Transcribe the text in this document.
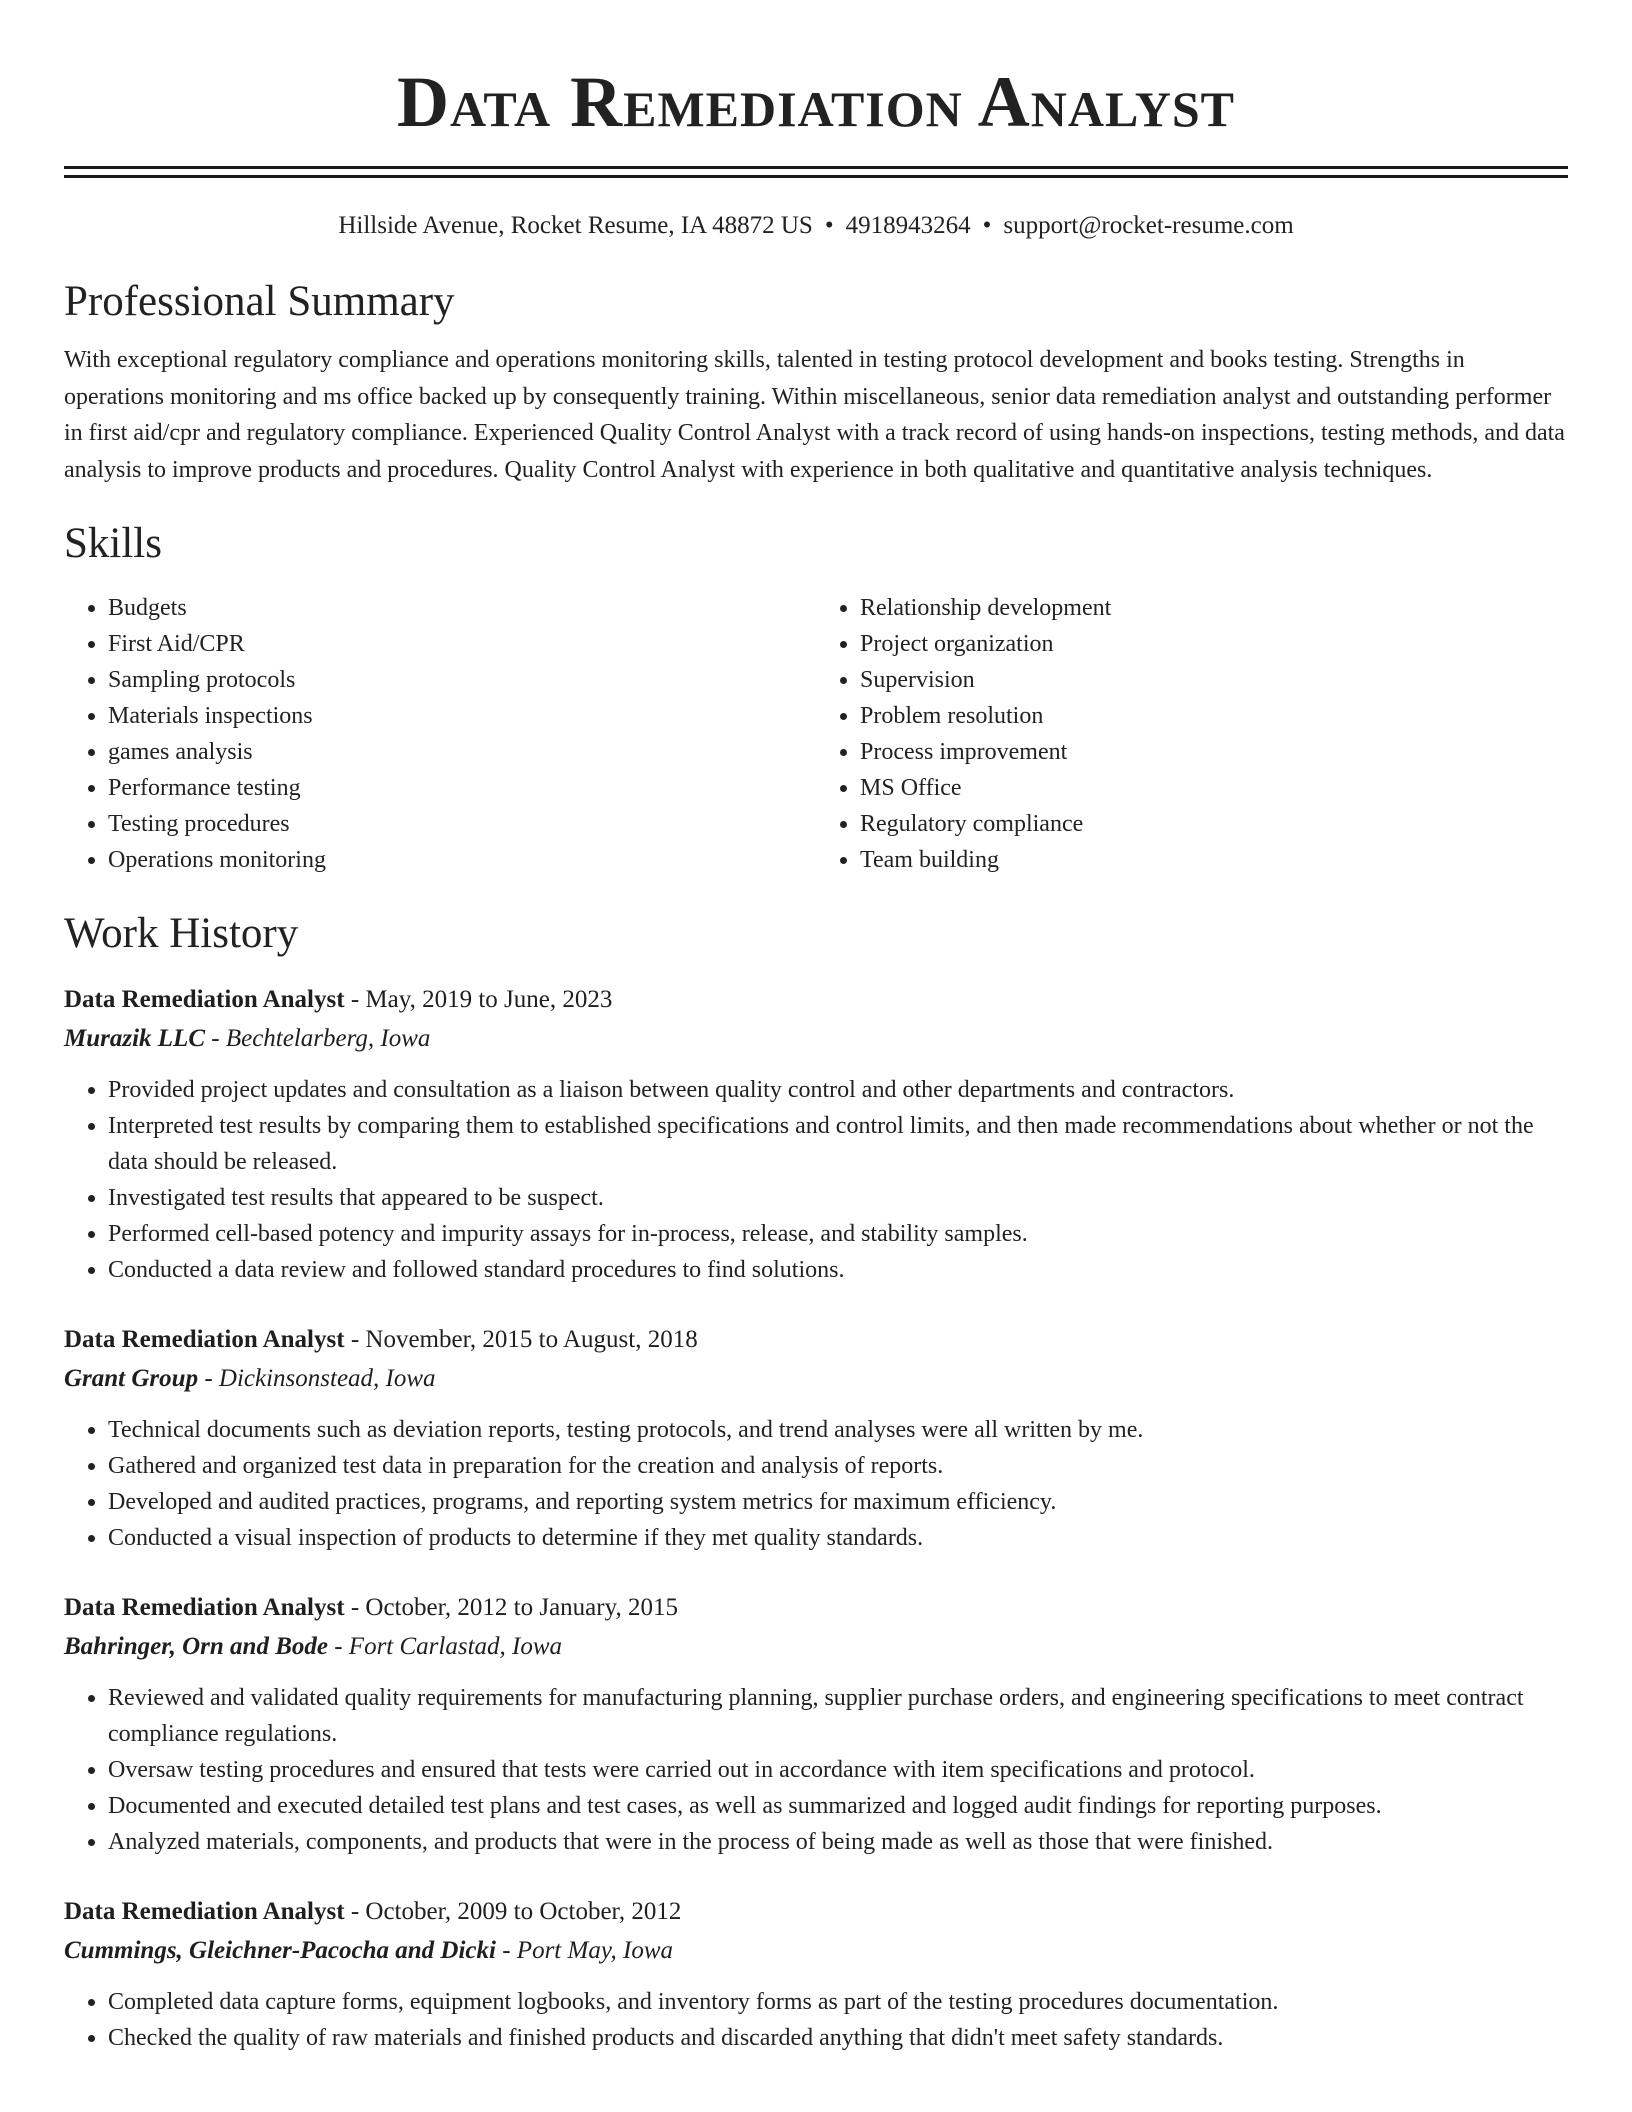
Data Remediation Analyst
Hillside Avenue, Rocket Resume, IA 48872 US • 4918943264 • support@rocket-resume.com
Professional Summary
With exceptional regulatory compliance and operations monitoring skills, talented in testing protocol development and books testing. Strengths in operations monitoring and ms office backed up by consequently training. Within miscellaneous, senior data remediation analyst and outstanding performer in first aid/cpr and regulatory compliance. Experienced Quality Control Analyst with a track record of using hands-on inspections, testing methods, and data analysis to improve products and procedures. Quality Control Analyst with experience in both qualitative and quantitative analysis techniques.
Skills
• Budgets
• First Aid/CPR
• Sampling protocols
• Materials inspections
• games analysis
• Performance testing
• Testing procedures
• Operations monitoring
• Relationship development
• Project organization
• Supervision
• Problem resolution
• Process improvement
• MS Office
• Regulatory compliance
• Team building
Work History
Data Remediation Analyst - May, 2019 to June, 2023
Murazik LLC - Bechtelarberg, Iowa
• Provided project updates and consultation as a liaison between quality control and other departments and contractors.
• Interpreted test results by comparing them to established specifications and control limits, and then made recommendations about whether or not the data should be released.
• Investigated test results that appeared to be suspect.
• Performed cell-based potency and impurity assays for in-process, release, and stability samples.
• Conducted a data review and followed standard procedures to find solutions.
Data Remediation Analyst - November, 2015 to August, 2018
Grant Group - Dickinsonstead, Iowa
• Technical documents such as deviation reports, testing protocols, and trend analyses were all written by me.
• Gathered and organized test data in preparation for the creation and analysis of reports.
• Developed and audited practices, programs, and reporting system metrics for maximum efficiency.
• Conducted a visual inspection of products to determine if they met quality standards.
Data Remediation Analyst - October, 2012 to January, 2015
Bahringer, Orn and Bode - Fort Carlastad, Iowa
• Reviewed and validated quality requirements for manufacturing planning, supplier purchase orders, and engineering specifications to meet contract compliance regulations.
• Oversaw testing procedures and ensured that tests were carried out in accordance with item specifications and protocol.
• Documented and executed detailed test plans and test cases, as well as summarized and logged audit findings for reporting purposes.
• Analyzed materials, components, and products that were in the process of being made as well as those that were finished.
Data Remediation Analyst - October, 2009 to October, 2012
Cummings, Gleichner-Pacocha and Dicki - Port May, Iowa
• Completed data capture forms, equipment logbooks, and inventory forms as part of the testing procedures documentation.
• Checked the quality of raw materials and finished products and discarded anything that didn't meet safety standards.
